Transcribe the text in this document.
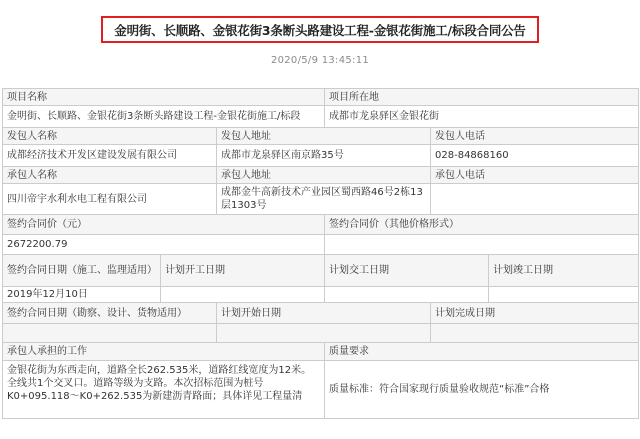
金明街、长顺路、金银花街3条断头路建设工程-金银花街施工/标段合同公告
2020/5/9 13:45:11
项目名称			项目所在地		
金明街、长顺路、金银花街3条断头路建设工程-金银花街施工/标段			成都市龙泉驿区金银花街		
发包人名称		发包人地址		发包人电话	
成都经济技术开发区建设发展有限公司		成都市龙泉驿区南京路35号		028-84868160	
承包人名称		承包人地址		承包人电话	
四川帝宇水利水电工程有限公司		成都金牛高新技术产业园区蜀西路46号2栋13层1303号			
签约合同价（元）			签约合同价（其他价格形式）		
2672200.79					
签约合同日期（施工、监理适用）	计划开工日期		计划交工日期		计划竣工日期
2019年12月10日					
签约合同日期（勘察、设计、货物适用）		计划开始日期		计划完成日期	

承包人承担的工作			质量要求		
金银花街为东西走向，道路全长262.535米，道路红线宽度为12米。全线共1个交叉口。道路等级为支路。本次招标范围为桩号K0+095.118～K0+262.535为新建沥青路面；具体详见工程量清			质量标准：符合国家现行质量验收规范“标准”合格		
